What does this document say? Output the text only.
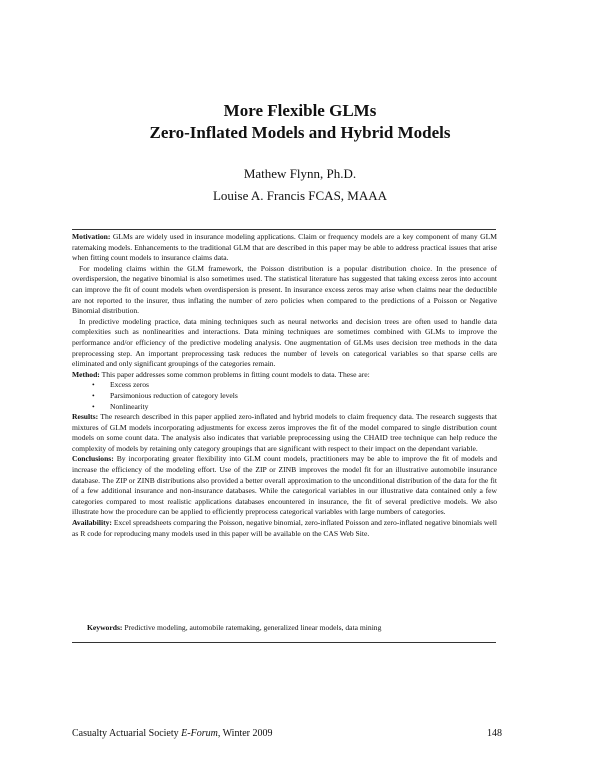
More Flexible GLMs
Zero-Inflated Models and Hybrid Models
Mathew Flynn, Ph.D.
Louise A. Francis FCAS, MAAA

Motivation: GLMs are widely used in insurance modeling applications. Claim or frequency models are a key component of many GLM ratemaking models. Enhancements to the traditional GLM that are described in this paper may be able to address practical issues that arise when fitting count models to insurance claims data.

For modeling claims within the GLM framework, the Poisson distribution is a popular distribution choice. In the presence of overdispersion, the negative binomial is also sometimes used. The statistical literature has suggested that taking excess zeros into account can improve the fit of count models when overdispersion is present. In insurance excess zeros may arise when claims near the deductible are not reported to the insurer, thus inflating the number of zero policies when compared to the predictions of a Poisson or Negative Binomial distribution.

In predictive modeling practice, data mining techniques such as neural networks and decision trees are often used to handle data complexities such as nonlinearities and interactions. Data mining techniques are sometimes combined with GLMs to improve the performance and/or efficiency of the predictive modeling analysis. One augmentation of GLMs uses decision tree methods in the data preprocessing step. An important preprocessing task reduces the number of levels on categorical variables so that sparse cells are eliminated and only significant groupings of the categories remain.

Method: This paper addresses some common problems in fitting count models to data. These are:

• Excess zeros
• Parsimonious reduction of category levels
• Nonlinearity

Results: The research described in this paper applied zero-inflated and hybrid models to claim frequency data. The research suggests that mixtures of GLM models incorporating adjustments for excess zeros improves the fit of the model compared to single distribution count models on some count data. The analysis also indicates that variable preprocessing using the CHAID tree technique can help reduce the complexity of models by retaining only category groupings that are significant with respect to their impact on the dependant variable.

Conclusions: By incorporating greater flexibility into GLM count models, practitioners may be able to improve the fit of models and increase the efficiency of the modeling effort. Use of the ZIP or ZINB improves the model fit for an illustrative automobile insurance database. The ZIP or ZINB distributions also provided a better overall approximation to the unconditional distribution of the data for the fit of a few additional insurance and non-insurance databases. While the categorical variables in our illustrative data contained only a few categories compared to most realistic applications databases encountered in insurance, the fit of several predictive models. We also illustrate how the procedure can be applied to efficiently preprocess categorical variables with large numbers of categories.

Availability: Excel spreadsheets comparing the Poisson, negative binomial, zero-inflated Poisson and zero-inflated negative binomials well as R code for reproducing many models used in this paper will be available on the CAS Web Site.

Keywords: Predictive modeling, automobile ratemaking, generalized linear models, data mining
Casualty Actuarial Society E-Forum, Winter 2009	148
